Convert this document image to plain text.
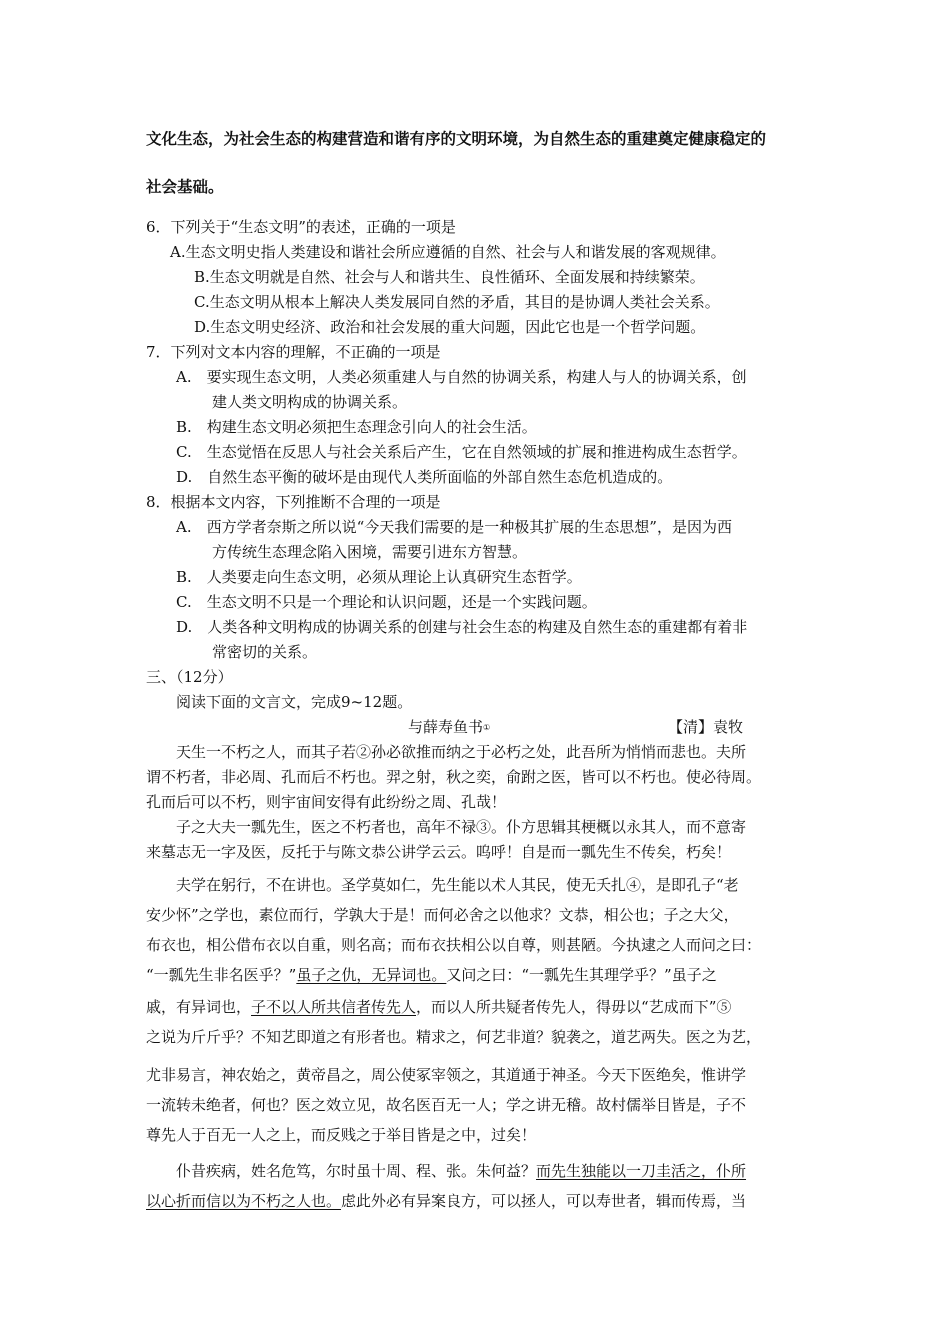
文化生态，为社会生态的构建营造和谐有序的文明环境，为自然生态的重建奠定健康稳定的
社会基础。
6．下列关于“生态文明”的表述，正确的一项是
A.生态文明史指人类建设和谐社会所应遵循的自然、社会与人和谐发展的客观规律。
B.生态文明就是自然、社会与人和谐共生、良性循环、全面发展和持续繁荣。
C.生态文明从根本上解决人类发展同自然的矛盾，其目的是协调人类社会关系。
D.生态文明史经济、政治和社会发展的重大问题，因此它也是一个哲学问题。
7．下列对文本内容的理解，不正确的一项是
A.　要实现生态文明，人类必须重建人与自然的协调关系，构建人与人的协调关系，创
建人类文明构成的协调关系。
B.　构建生态文明必须把生态理念引向人的社会生活。
C.　生态觉悟在反思人与社会关系后产生，它在自然领域的扩展和推进构成生态哲学。
D.　自然生态平衡的破坏是由现代人类所面临的外部自然生态危机造成的。
8．根据本文内容，下列推断不合理的一项是
A.　西方学者奈斯之所以说“今天我们需要的是一种极其扩展的生态思想”，是因为西
方传统生态理念陷入困境，需要引进东方智慧。
B.　人类要走向生态文明，必须从理论上认真研究生态哲学。
C.　生态文明不只是一个理论和认识问题，还是一个实践问题。
D.　人类各种文明构成的协调关系的创建与社会生态的构建及自然生态的重建都有着非
常密切的关系。
三、（12分）
阅读下面的文言文，完成9~12题。
与薛寿鱼书①	【清】袁牧
天生一不朽之人，而其子若②孙必欲推而纳之于必朽之处，此吾所为悄悄而悲也。夫所
谓不朽者，非必周、孔而后不朽也。羿之射，秋之奕，俞跗之医，皆可以不朽也。使必待周。
孔而后可以不朽，则宇宙间安得有此纷纷之周、孔哉！
子之大夫一瓢先生，医之不朽者也，高年不禄③。仆方思辑其梗概以永其人，而不意寄
来墓志无一字及医，反托于与陈文恭公讲学云云。呜呼！自是而一瓢先生不传矣，朽矣！
夫学在躬行，不在讲也。圣学莫如仁，先生能以术人其民，使无夭扎④，是即孔子“老
安少怀”之学也，素位而行，学孰大于是！而何必舍之以他求？文恭，相公也；子之大父，
布衣也，相公借布衣以自重，则名高；而布衣扶相公以自尊，则甚陋。今执逮之人而问之曰：
“一瓢先生非名医乎？”虽子之仇，无异词也。又问之曰：“一瓢先生其理学乎？”虽子之
戚，有异词也，子不以人所共信者传先人，而以人所共疑者传先人，得毋以“艺成而下”⑤
之说为斤斤乎？不知艺即道之有形者也。精求之，何艺非道？貌袭之，道艺两失。医之为艺，
尤非易言，神农始之，黄帝昌之，周公使冢宰领之，其道通于神圣。今天下医绝矣，惟讲学
一流转未绝者，何也？医之效立见，故名医百无一人；学之讲无稽。故村儒举目皆是，子不
尊先人于百无一人之上，而反贱之于举目皆是之中，过矣！
仆昔疾病，姓名危笃，尔时虽十周、程、张。朱何益？而先生独能以一刀圭活之，仆所
以心折而信以为不朽之人也。虑此外必有异案良方，可以拯人，可以寿世者，辑而传焉，当
